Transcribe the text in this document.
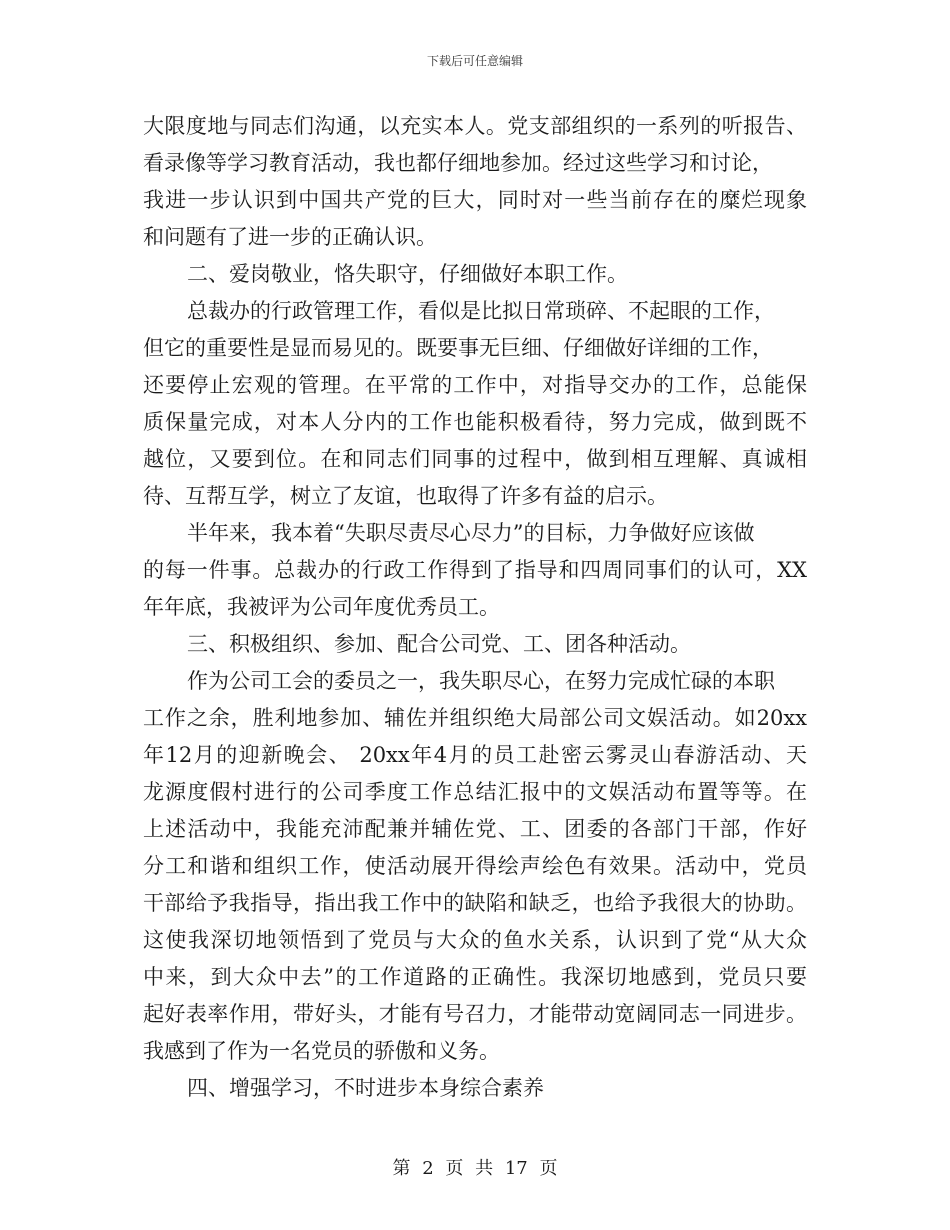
下载后可任意编辑
大限度地与同志们沟通，以充实本人。党支部组织的一系列的听报告、
看录像等学习教育活动，我也都仔细地参加。经过这些学习和讨论，
我进一步认识到中国共产党的巨大，同时对一些当前存在的糜烂现象
和问题有了进一步的正确认识。
二、爱岗敬业，恪失职守，仔细做好本职工作。
总裁办的行政管理工作，看似是比拟日常琐碎、不起眼的工作，
但它的重要性是显而易见的。既要事无巨细、仔细做好详细的工作，
还要停止宏观的管理。在平常的工作中，对指导交办的工作，总能保
质保量完成，对本人分内的工作也能积极看待，努力完成，做到既不
越位，又要到位。在和同志们同事的过程中，做到相互理解、真诚相
待、互帮互学，树立了友谊，也取得了许多有益的启示。
半年来，我本着“失职尽责尽心尽力”的目标，力争做好应该做
的每一件事。总裁办的行政工作得到了指导和四周同事们的认可，XX
年年底，我被评为公司年度优秀员工。
三、积极组织、参加、配合公司党、工、团各种活动。
作为公司工会的委员之一，我失职尽心，在努力完成忙碌的本职
工作之余，胜利地参加、辅佐并组织绝大局部公司文娱活动。如20xx
年12月的迎新晚会、 20xx年4月的员工赴密云雾灵山春游活动、天
龙源度假村进行的公司季度工作总结汇报中的文娱活动布置等等。在
上述活动中，我能充沛配兼并辅佐党、工、团委的各部门干部，作好
分工和谐和组织工作，使活动展开得绘声绘色有效果。活动中，党员
干部给予我指导，指出我工作中的缺陷和缺乏，也给予我很大的协助。
这使我深切地领悟到了党员与大众的鱼水关系，认识到了党“从大众
中来，到大众中去”的工作道路的正确性。我深切地感到，党员只要
起好表率作用，带好头，才能有号召力，才能带动宽阔同志一同进步。
我感到了作为一名党员的骄傲和义务。
四、增强学习，不时进步本身综合素养
第 2 页 共 17 页
